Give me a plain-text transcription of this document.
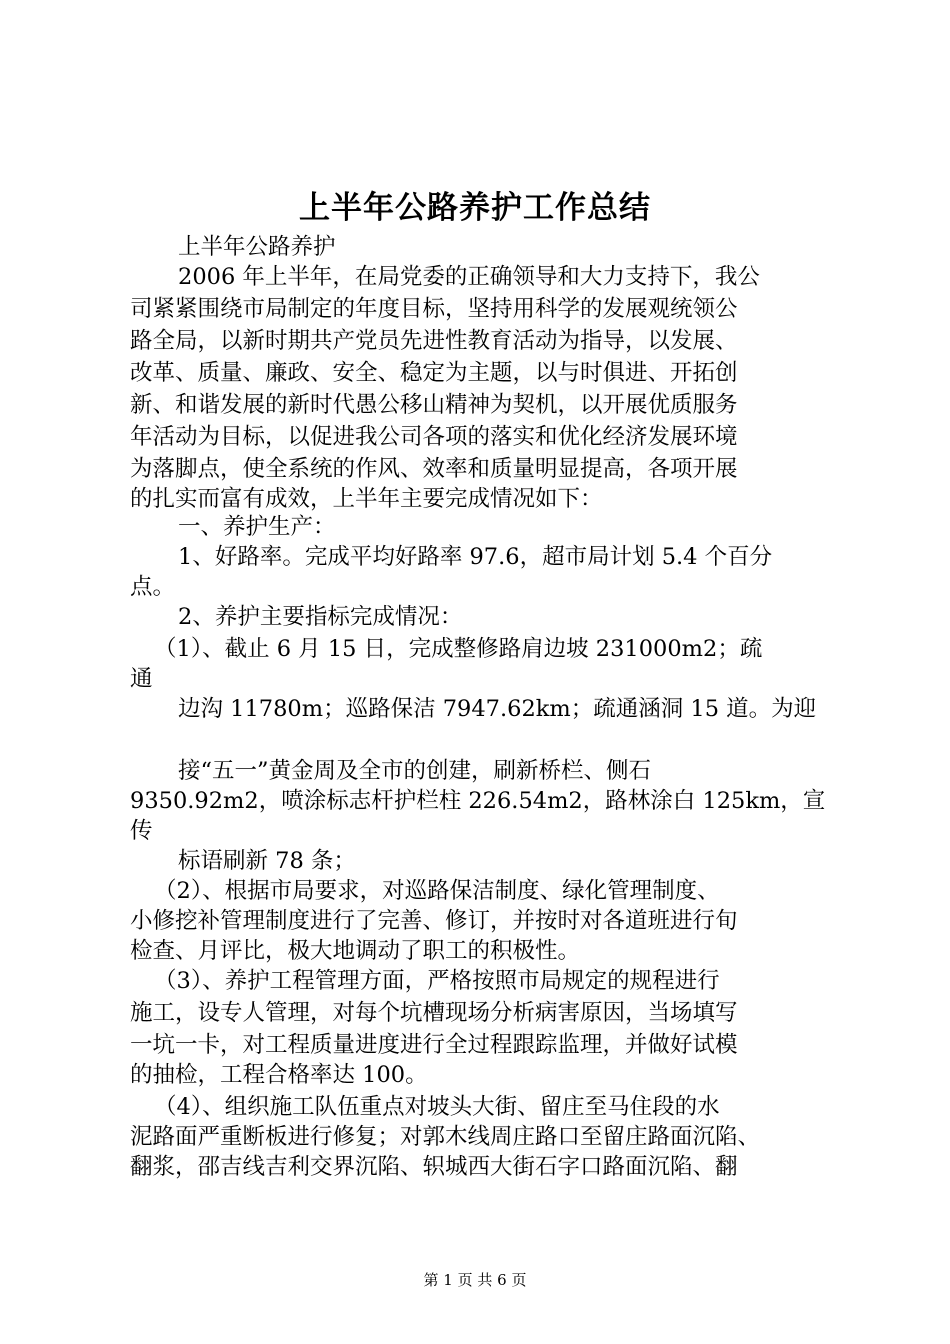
上半年公路养护工作总结
上半年公路养护
2006 年上半年，在局党委的正确领导和大力支持下，我公
司紧紧围绕市局制定的年度目标，坚持用科学的发展观统领公
路全局，以新时期共产党员先进性教育活动为指导，以发展、
改革、质量、廉政、安全、稳定为主题，以与时俱进、开拓创
新、和谐发展的新时代愚公移山精神为契机，以开展优质服务
年活动为目标，以促进我公司各项的落实和优化经济发展环境
为落脚点，使全系统的作风、效率和质量明显提高，各项开展
的扎实而富有成效，上半年主要完成情况如下：
一、养护生产：
1、好路率。完成平均好路率 97.6，超市局计划 5.4 个百分
点。
2、养护主要指标完成情况：
（1）、截止 6 月 15 日，完成整修路肩边坡 231000m2；疏
通
边沟 11780m；巡路保洁 7947.62km；疏通涵洞 15 道。为迎
接“五一”黄金周及全市的创建，刷新桥栏、侧石
9350.92m2，喷涂标志杆护栏柱 226.54m2，路林涂白 125km，宣
传
标语刷新 78 条；
（2）、根据市局要求，对巡路保洁制度、绿化管理制度、
小修挖补管理制度进行了完善、修订，并按时对各道班进行旬
检查、月评比，极大地调动了职工的积极性。
（3）、养护工程管理方面，严格按照市局规定的规程进行
施工，设专人管理，对每个坑槽现场分析病害原因，当场填写
一坑一卡，对工程质量进度进行全过程跟踪监理，并做好试模
的抽检，工程合格率达 100。
（4）、组织施工队伍重点对坡头大街、留庄至马住段的水
泥路面严重断板进行修复；对郭木线周庄路口至留庄路面沉陷、
翻浆，邵吉线吉利交界沉陷、轵城西大街石字口路面沉陷、翻
第 1 页 共 6 页
